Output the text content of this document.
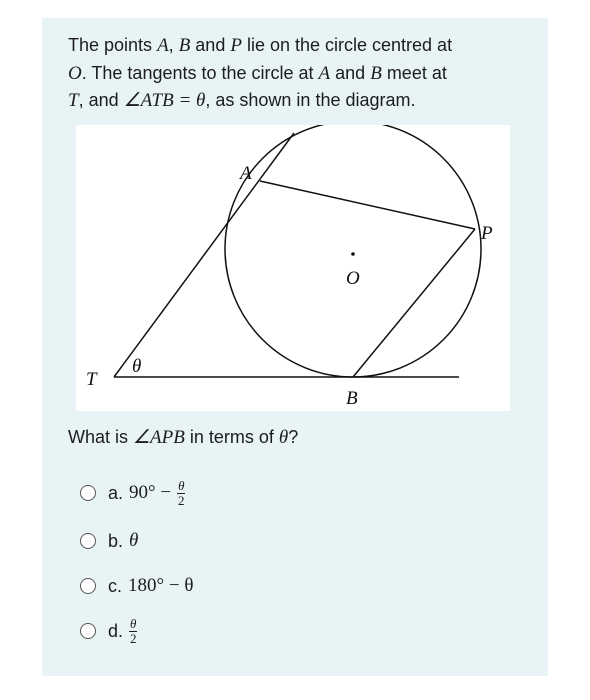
The points A, B and P lie on the circle centred at
O. The tangents to the circle at A and B meet at
T, and ∠ATB = θ, as shown in the diagram.
A
P
O
B
T
θ
What is ∠APB in terms of θ?
a. $90^\circ - \frac{\theta}{2}$
b. θ
c. 180° − θ
d. $\frac{\theta}{2}$
